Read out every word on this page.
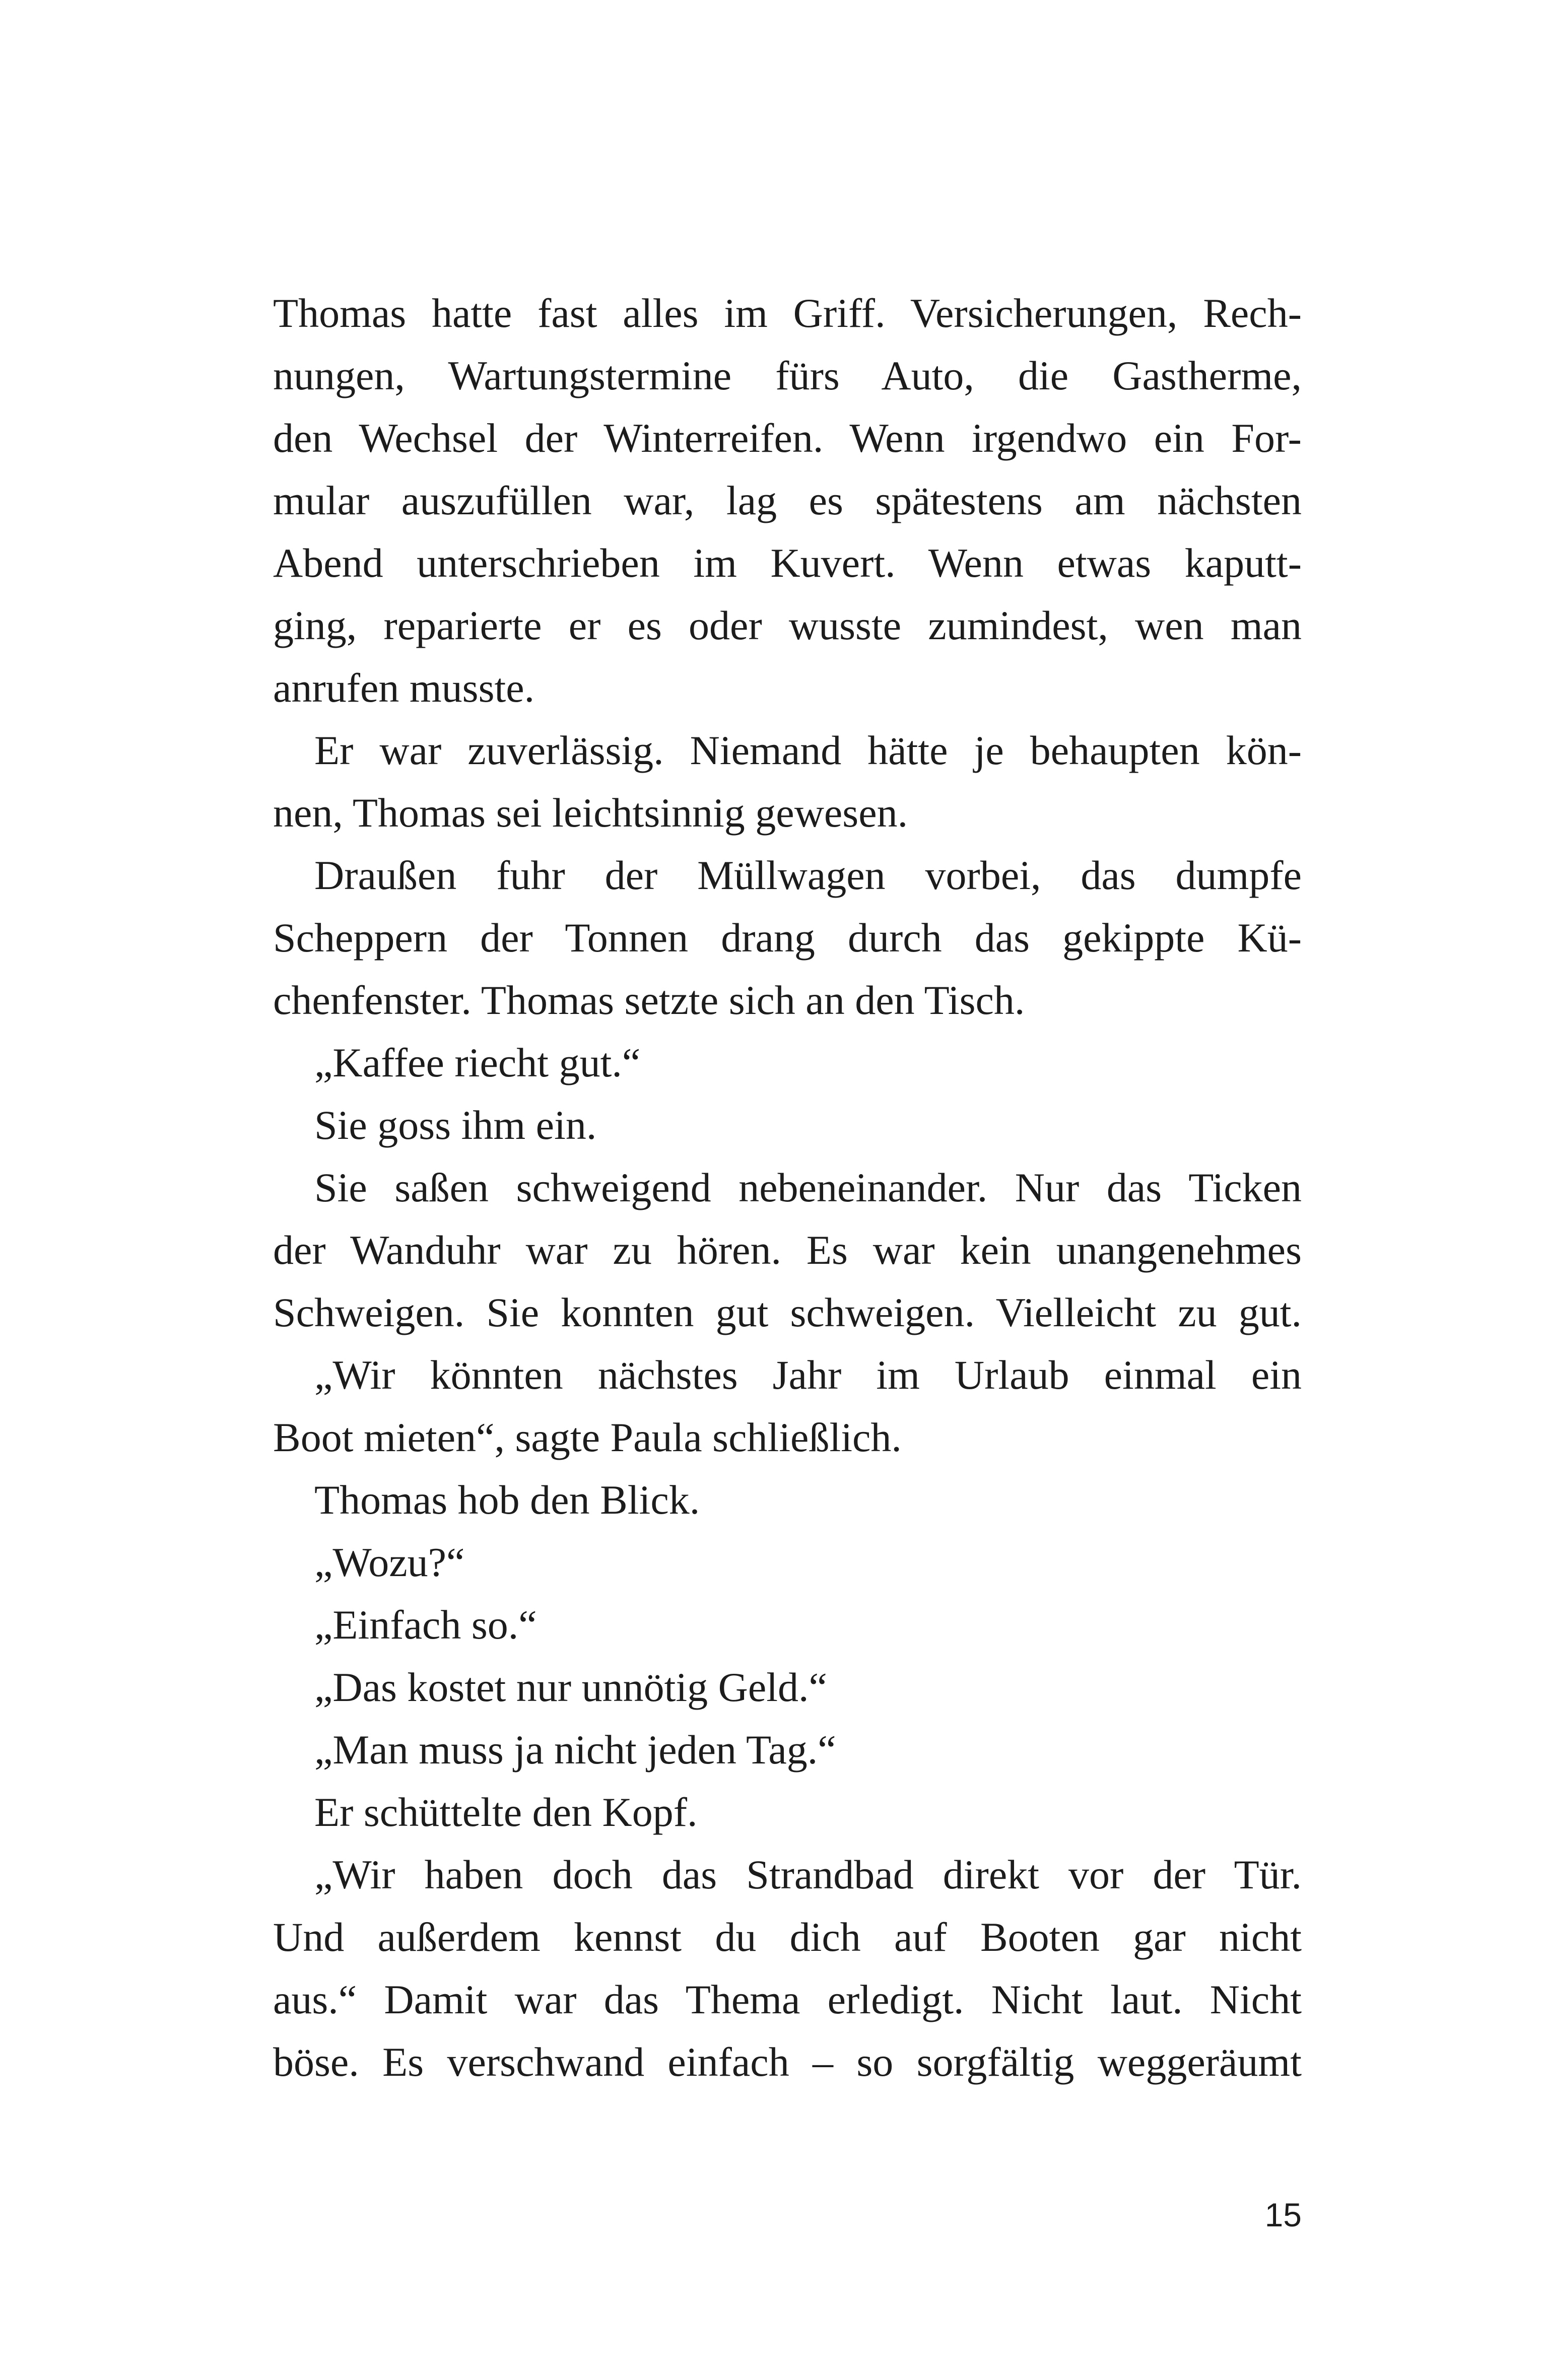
Thomas hatte fast alles im Griff. Versicherungen, Rech-
nungen, Wartungstermine fürs Auto, die Gastherme,
den Wechsel der Winterreifen. Wenn irgendwo ein For-
mular auszufüllen war, lag es spätestens am nächsten
Abend unterschrieben im Kuvert. Wenn etwas kaputt-
ging, reparierte er es oder wusste zumindest, wen man
anrufen musste.
Er war zuverlässig. Niemand hätte je behaupten kön-
nen, Thomas sei leichtsinnig gewesen.
Draußen fuhr der Müllwagen vorbei, das dumpfe
Scheppern der Tonnen drang durch das gekippte Kü-
chenfenster. Thomas setzte sich an den Tisch.
„Kaffee riecht gut.“
Sie goss ihm ein.
Sie saßen schweigend nebeneinander. Nur das Ticken
der Wanduhr war zu hören. Es war kein unangenehmes
Schweigen. Sie konnten gut schweigen. Vielleicht zu gut.
„Wir könnten nächstes Jahr im Urlaub einmal ein
Boot mieten“, sagte Paula schließlich.
Thomas hob den Blick.
„Wozu?“
„Einfach so.“
„Das kostet nur unnötig Geld.“
„Man muss ja nicht jeden Tag.“
Er schüttelte den Kopf.
„Wir haben doch das Strandbad direkt vor der Tür.
Und außerdem kennst du dich auf Booten gar nicht
aus.“ Damit war das Thema erledigt. Nicht laut. Nicht
böse. Es verschwand einfach – so sorgfältig weggeräumt
15
